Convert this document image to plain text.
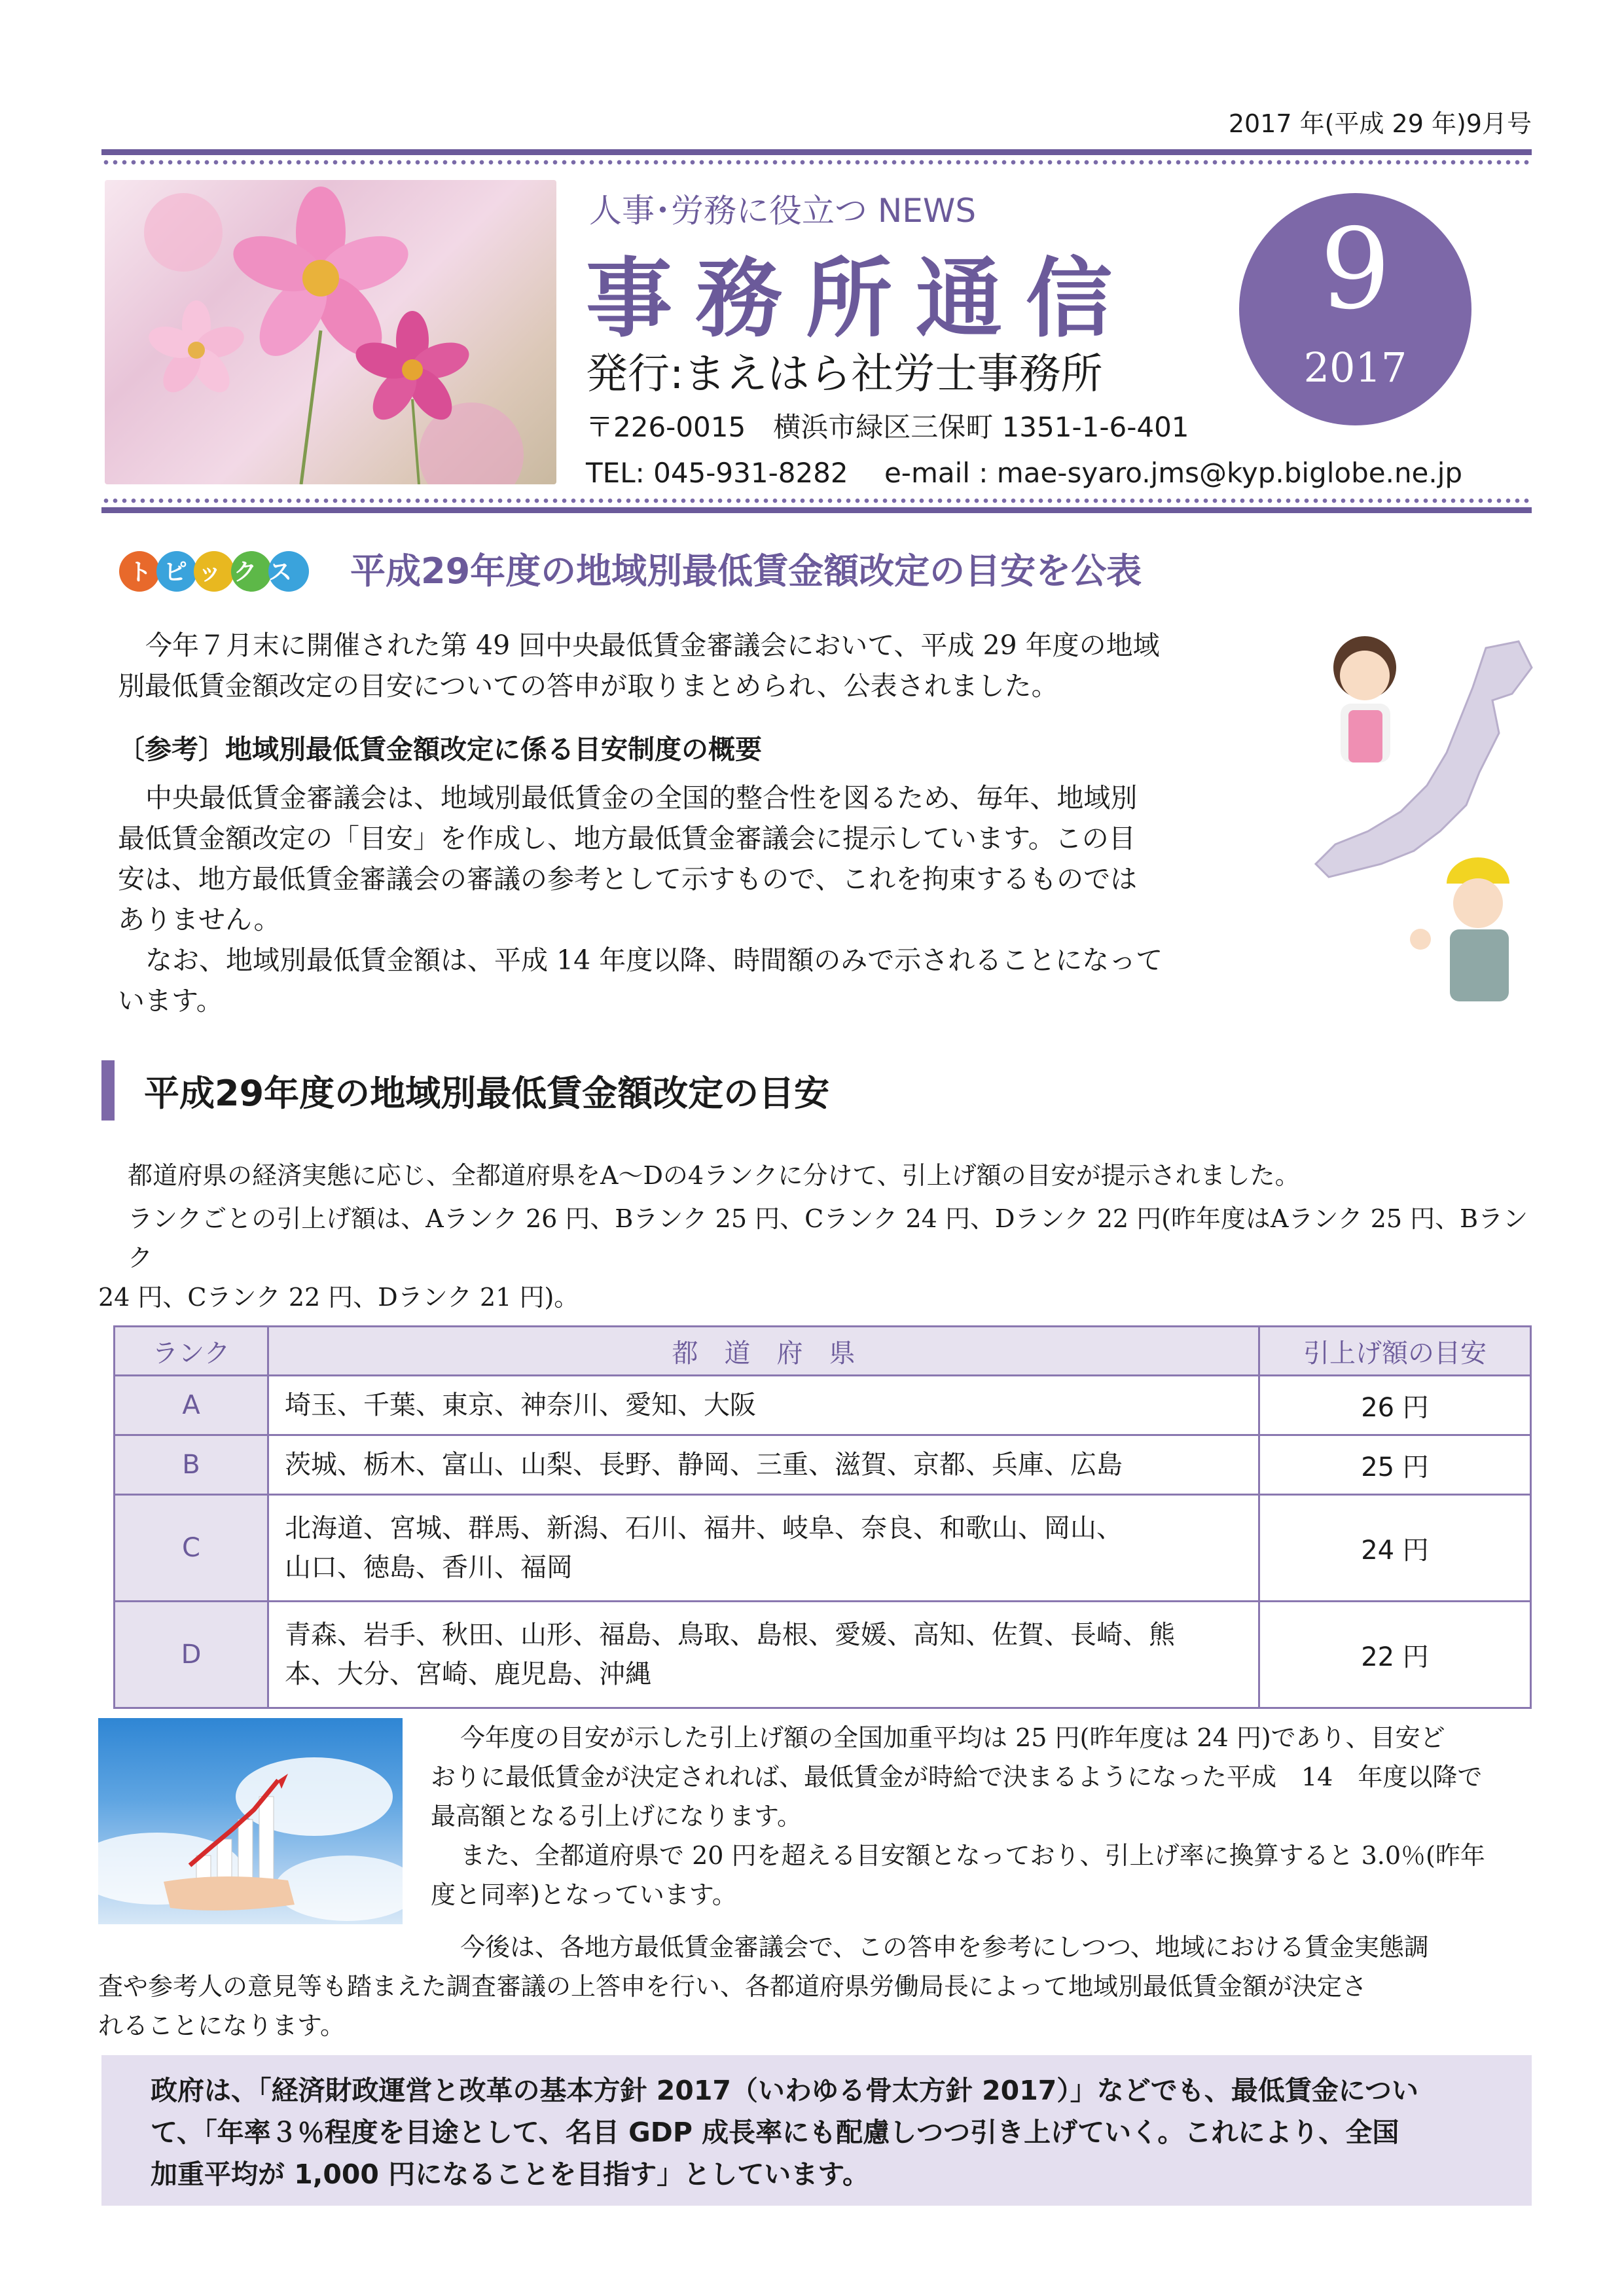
2017 年(平成 29 年)9月号
人事･労務に役立つ NEWS
事務所通信
発行:まえはら社労士事務所
〒226-0015　横浜市緑区三保町 1351-1-6-401
TEL: 045-931-8282　 e-mail : mae-syaro.jms@kyp.biglobe.ne.jp
9
2017
トピックス 平成29年度の地域別最低賃金額改定の目安を公表
今年７月末に開催された第 49 回中央最低賃金審議会において、平成 29 年度の地域
別最低賃金額改定の目安についての答申が取りまとめられ、公表されました。
〔参考〕地域別最低賃金額改定に係る目安制度の概要
中央最低賃金審議会は、地域別最低賃金の全国的整合性を図るため、毎年、地域別
最低賃金額改定の「目安」を作成し、地方最低賃金審議会に提示しています。この目
安は、地方最低賃金審議会の審議の参考として示すもので、これを拘束するものでは
ありません。
なお、地域別最低賃金額は、平成 14 年度以降、時間額のみで示されることになって
います。
平成29年度の地域別最低賃金額改定の目安
都道府県の経済実態に応じ、全都道府県をA～Dの4ランクに分けて、引上げ額の目安が提示されました。
ランクごとの引上げ額は、Aランク 26 円、Bランク 25 円、Cランク 24 円、Dランク 22 円(昨年度はAランク 25 円、Bランク
24 円、Cランク 22 円、Dランク 21 円)。
ランク	都　道　府　県	引上げ額の目安
A	埼玉、千葉、東京、神奈川、愛知、大阪	26 円
B	茨城、栃木、富山、山梨、長野、静岡、三重、滋賀、京都、兵庫、広島	25 円
C	北海道、宮城、群馬、新潟、石川、福井、岐阜、奈良、和歌山、岡山、
山口、徳島、香川、福岡	24 円
D	青森、岩手、秋田、山形、福島、鳥取、島根、愛媛、高知、佐賀、長崎、熊
本、大分、宮崎、鹿児島、沖縄	22 円
今年度の目安が示した引上げ額の全国加重平均は 25 円(昨年度は 24 円)であり、目安ど
おりに最低賃金が決定されれば、最低賃金が時給で決まるようになった平成　14　年度以降で
最高額となる引上げになります。
また、全都道府県で 20 円を超える目安額となっており、引上げ率に換算すると 3.0％(昨年
度と同率)となっています。
今後は、各地方最低賃金審議会で、この答申を参考にしつつ、地域における賃金実態調
査や参考人の意見等も踏まえた調査審議の上答申を行い、各都道府県労働局長によって地域別最低賃金額が決定さ
れることになります。
政府は、「経済財政運営と改革の基本方針 2017（いわゆる骨太方針 2017）」などでも、最低賃金につい
て、「年率３％程度を目途として、名目 GDP 成長率にも配慮しつつ引き上げていく。これにより、全国
加重平均が 1,000 円になることを目指す」としています。
